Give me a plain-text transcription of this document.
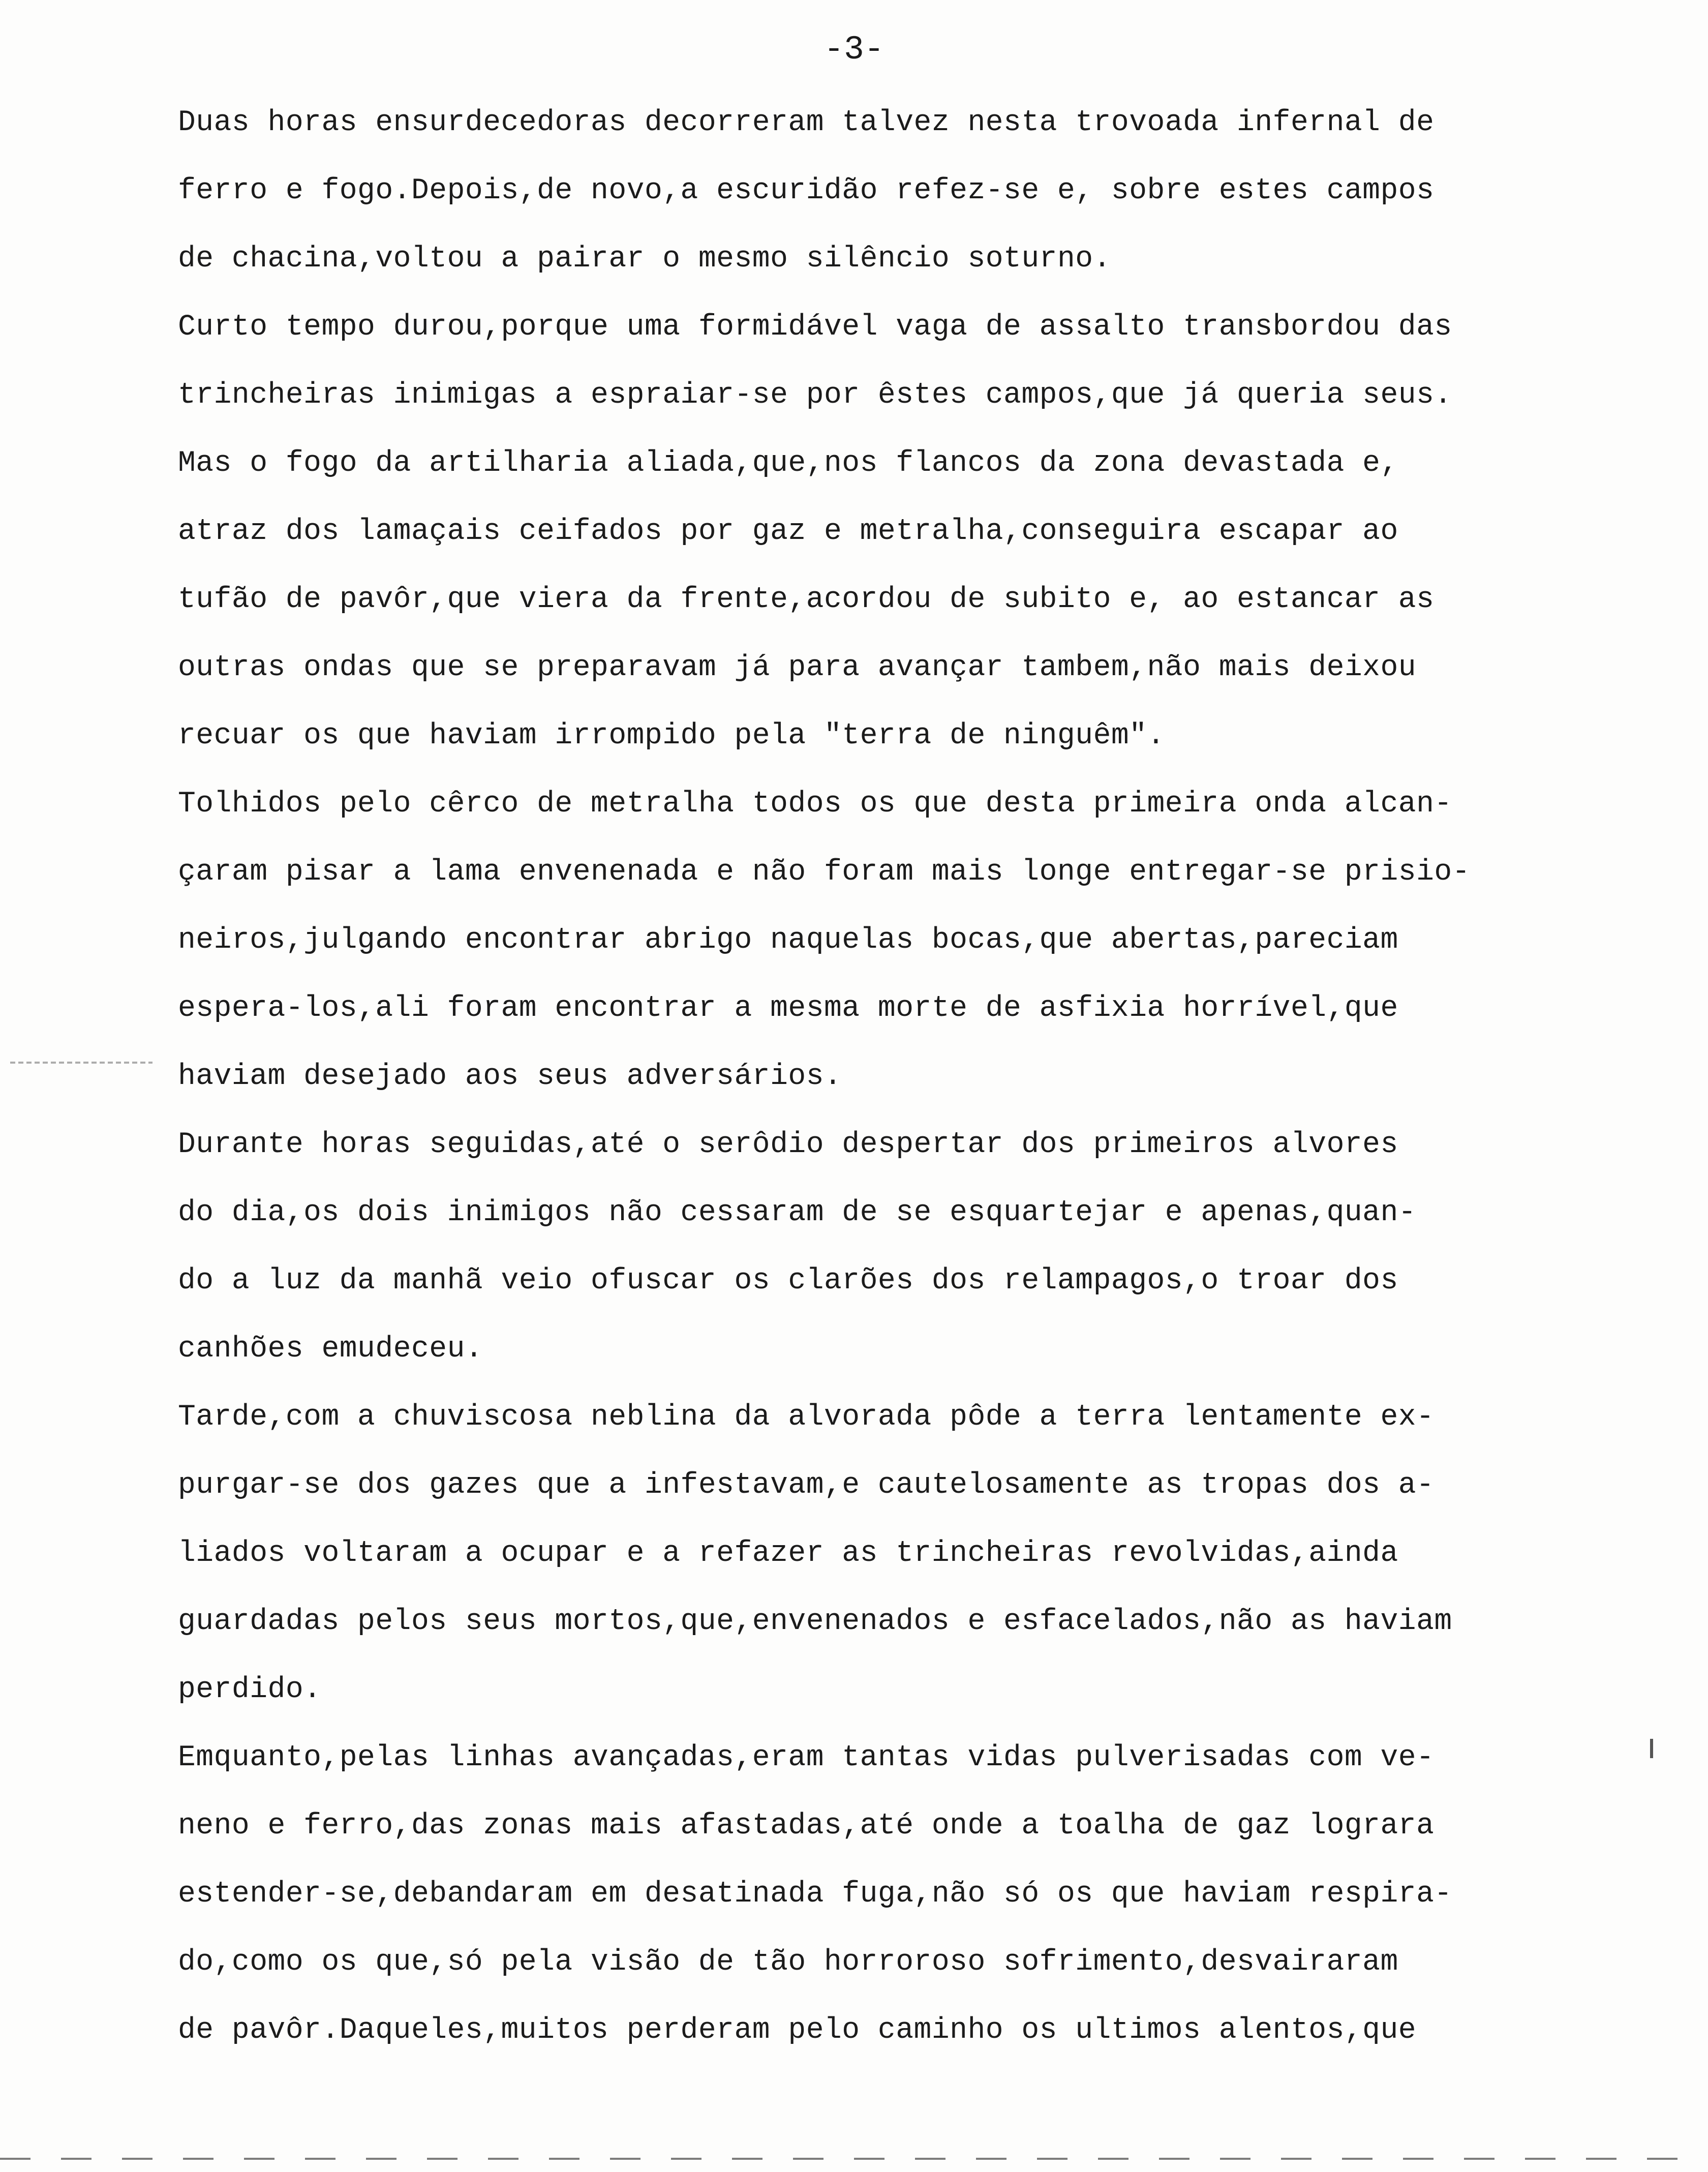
-3-
Duas horas ensurdecedoras decorreram talvez nesta trovoada infernal de
ferro e fogo.Depois,de novo,a escuridão refez-se e, sobre estes campos
de chacina,voltou a pairar o mesmo silêncio soturno.
Curto tempo durou,porque uma formidável vaga de assalto transbordou das
trincheiras inimigas a espraiar-se por êstes campos,que já queria seus.
Mas o fogo da artilharia aliada,que,nos flancos da zona devastada e,
atraz dos lamaçais ceifados por gaz e metralha,conseguira escapar ao
tufão de pavôr,que viera da frente,acordou de subito e, ao estancar as
outras ondas que se preparavam já para avançar tambem,não mais deixou
recuar os que haviam irrompido pela "terra de ninguêm".
Tolhidos pelo cêrco de metralha todos os que desta primeira onda alcan-
çaram pisar a lama envenenada e não foram mais longe entregar-se prisio-
neiros,julgando encontrar abrigo naquelas bocas,que abertas,pareciam
espera-los,ali foram encontrar a mesma morte de asfixia horrível,que
haviam desejado aos seus adversários.
Durante horas seguidas,até o serôdio despertar dos primeiros alvores
do dia,os dois inimigos não cessaram de se esquartejar e apenas,quan-
do a luz da manhã veio ofuscar os clarões dos relampagos,o troar dos
canhões emudeceu.
Tarde,com a chuviscosa neblina da alvorada pôde a terra lentamente ex-
purgar-se dos gazes que a infestavam,e cautelosamente as tropas dos a-
liados voltaram a ocupar e a refazer as trincheiras revolvidas,ainda
guardadas pelos seus mortos,que,envenenados e esfacelados,não as haviam
perdido.
Emquanto,pelas linhas avançadas,eram tantas vidas pulverisadas com ve-
neno e ferro,das zonas mais afastadas,até onde a toalha de gaz lograra
estender-se,debandaram em desatinada fuga,não só os que haviam respira-
do,como os que,só pela visão de tão horroroso sofrimento,desvairaram
de pavôr.Daqueles,muitos perderam pelo caminho os ultimos alentos,que
